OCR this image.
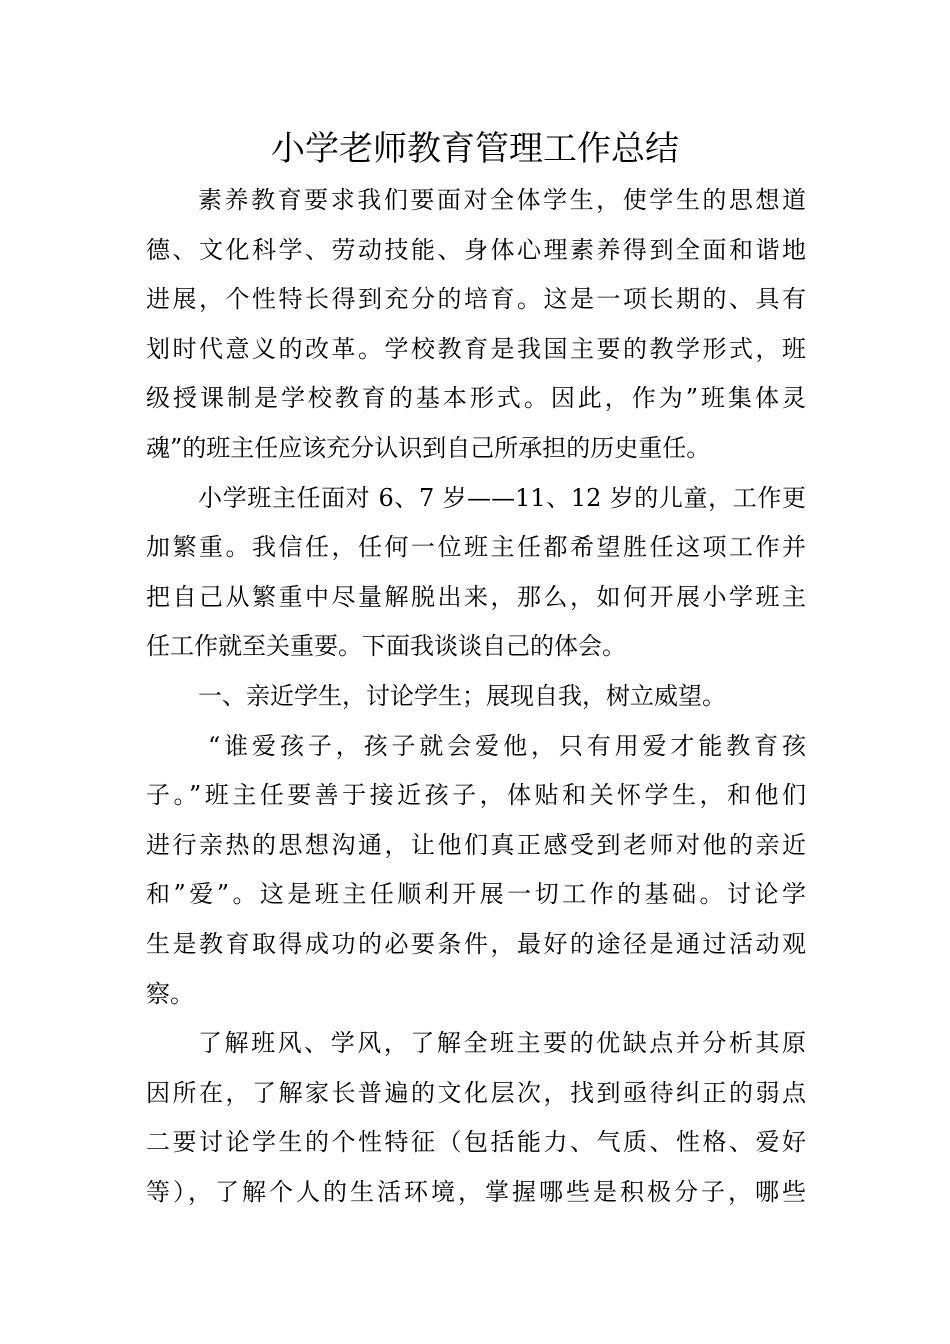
小学老师教育管理工作总结
素养教育要求我们要面对全体学生，使学生的思想道
德、文化科学、劳动技能、身体心理素养得到全面和谐地
进展，个性特长得到充分的培育。这是一项长期的、具有
划时代意义的改革。学校教育是我国主要的教学形式，班
级授课制是学校教育的基本形式。因此，作为”班集体灵
魂”的班主任应该充分认识到自己所承担的历史重任。
小学班主任面对 6、7 岁——11、12 岁的儿童，工作更
加繁重。我信任，任何一位班主任都希望胜任这项工作并
把自己从繁重中尽量解脱出来，那么，如何开展小学班主
任工作就至关重要。下面我谈谈自己的体会。
一、亲近学生，讨论学生；展现自我，树立威望。
“谁爱孩子，孩子就会爱他，只有用爱才能教育孩
子。”班主任要善于接近孩子，体贴和关怀学生，和他们
进行亲热的思想沟通，让他们真正感受到老师对他的亲近
和”爱”。这是班主任顺利开展一切工作的基础。讨论学
生是教育取得成功的必要条件，最好的途径是通过活动观
察。
了解班风、学风，了解全班主要的优缺点并分析其原
因所在，了解家长普遍的文化层次，找到亟待纠正的弱点
二要讨论学生的个性特征（包括能力、气质、性格、爱好
等），了解个人的生活环境，掌握哪些是积极分子，哪些
